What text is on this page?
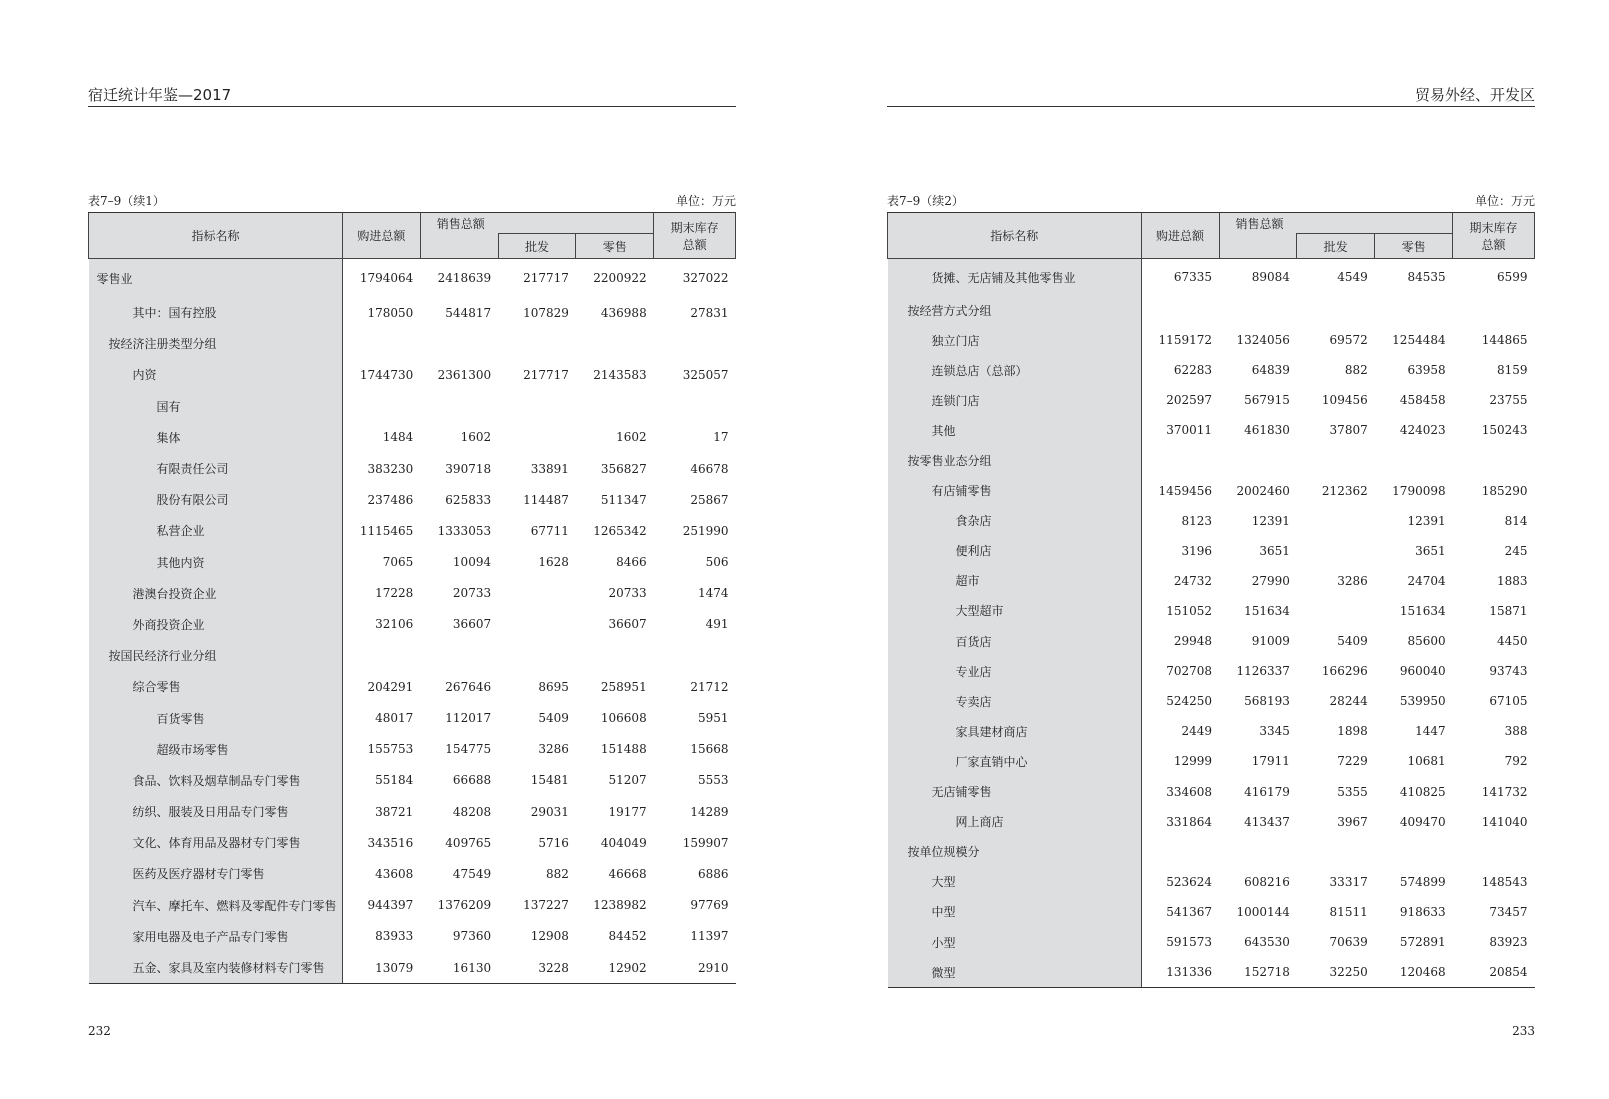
宿迁统计年鉴—2017
表7–9（续1）	单位：万元
指标名称	购进总额	销售总额			期末库存
总额
			批发	零售	
零售业	1794064	2418639	217717	2200922	327022
其中：国有控股	178050	544817	107829	436988	27831
按经济注册类型分组					
内资	1744730	2361300	217717	2143583	325057
国有					
集体	1484	1602		1602	17
有限责任公司	383230	390718	33891	356827	46678
股份有限公司	237486	625833	114487	511347	25867
私营企业	1115465	1333053	67711	1265342	251990
其他内资	7065	10094	1628	8466	506
港澳台投资企业	17228	20733		20733	1474
外商投资企业	32106	36607		36607	491
按国民经济行业分组					
综合零售	204291	267646	8695	258951	21712
百货零售	48017	112017	5409	106608	5951
超级市场零售	155753	154775	3286	151488	15668
食品、饮料及烟草制品专门零售	55184	66688	15481	51207	5553
纺织、服装及日用品专门零售	38721	48208	29031	19177	14289
文化、体育用品及器材专门零售	343516	409765	5716	404049	159907
医药及医疗器材专门零售	43608	47549	882	46668	6886
汽车、摩托车、燃料及零配件专门零售	944397	1376209	137227	1238982	97769
家用电器及电子产品专门零售	83933	97360	12908	84452	11397
五金、家具及室内装修材料专门零售	13079	16130	3228	12902	2910
232
贸易外经、开发区
表7–9（续2）	单位：万元
指标名称	购进总额	销售总额			期末库存
总额
			批发	零售	
货摊、无店铺及其他零售业	67335	89084	4549	84535	6599
按经营方式分组					
独立门店	1159172	1324056	69572	1254484	144865
连锁总店（总部）	62283	64839	882	63958	8159
连锁门店	202597	567915	109456	458458	23755
其他	370011	461830	37807	424023	150243
按零售业态分组					
有店铺零售	1459456	2002460	212362	1790098	185290
食杂店	8123	12391		12391	814
便利店	3196	3651		3651	245
超市	24732	27990	3286	24704	1883
大型超市	151052	151634		151634	15871
百货店	29948	91009	5409	85600	4450
专业店	702708	1126337	166296	960040	93743
专卖店	524250	568193	28244	539950	67105
家具建材商店	2449	3345	1898	1447	388
厂家直销中心	12999	17911	7229	10681	792
无店铺零售	334608	416179	5355	410825	141732
网上商店	331864	413437	3967	409470	141040
按单位规模分					
大型	523624	608216	33317	574899	148543
中型	541367	1000144	81511	918633	73457
小型	591573	643530	70639	572891	83923
微型	131336	152718	32250	120468	20854
233
